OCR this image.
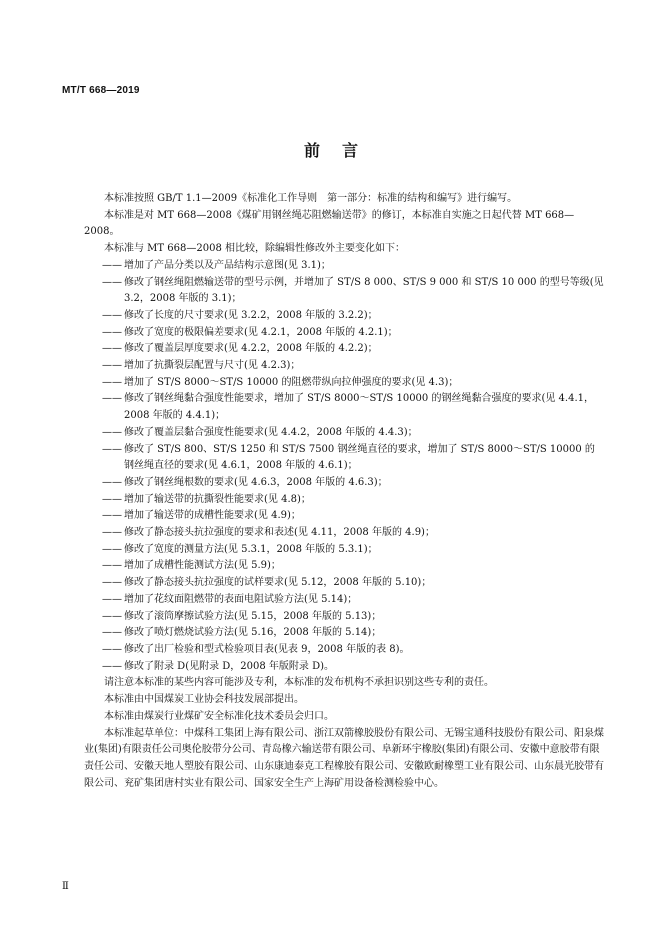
MT/T 668—2019
前言
本标准按照 GB/T 1.1—2009《标准化工作导则　第一部分：标准的结构和编写》进行编写。
本标准是对 MT 668—2008《煤矿用钢丝绳芯阻燃输送带》的修订，本标准自实施之日起代替 MT 668—2008。
本标准与 MT 668—2008 相比较，除编辑性修改外主要变化如下：
—— 增加了产品分类以及产品结构示意图(见 3.1)；
—— 修改了钢丝绳阻燃输送带的型号示例，并增加了 ST/S 8 000、ST/S 9 000 和 ST/S 10 000 的型号等级(见 3.2，2008 年版的 3.1)；
—— 修改了长度的尺寸要求(见 3.2.2，2008 年版的 3.2.2)；
—— 修改了宽度的极限偏差要求(见 4.2.1，2008 年版的 4.2.1)；
—— 修改了覆盖层厚度要求(见 4.2.2，2008 年版的 4.2.2)；
—— 增加了抗撕裂层配置与尺寸(见 4.2.3)；
—— 增加了 ST/S 8000～ST/S 10000 的阻燃带纵向拉伸强度的要求(见 4.3)；
—— 修改了钢丝绳黏合强度性能要求，增加了 ST/S 8000～ST/S 10000 的钢丝绳黏合强度的要求(见 4.4.1，2008 年版的 4.4.1)；
—— 修改了覆盖层黏合强度性能要求(见 4.4.2，2008 年版的 4.4.3)；
—— 修改了 ST/S 800、ST/S 1250 和 ST/S 7500 钢丝绳直径的要求，增加了 ST/S 8000～ST/S 10000 的钢丝绳直径的要求(见 4.6.1，2008 年版的 4.6.1)；
—— 修改了钢丝绳根数的要求(见 4.6.3，2008 年版的 4.6.3)；
—— 增加了输送带的抗撕裂性能要求(见 4.8)；
—— 增加了输送带的成槽性能要求(见 4.9)；
—— 修改了静态接头抗拉强度的要求和表述(见 4.11，2008 年版的 4.9)；
—— 修改了宽度的测量方法(见 5.3.1，2008 年版的 5.3.1)；
—— 增加了成槽性能测试方法(见 5.9)；
—— 修改了静态接头抗拉强度的试样要求(见 5.12，2008 年版的 5.10)；
—— 增加了花纹面阻燃带的表面电阻试验方法(见 5.14)；
—— 修改了滚筒摩擦试验方法(见 5.15，2008 年版的 5.13)；
—— 修改了喷灯燃烧试验方法(见 5.16，2008 年版的 5.14)；
—— 修改了出厂检验和型式检验项目表(见表 9，2008 年版的表 8)。
—— 修改了附录 D(见附录 D，2008 年版附录 D)。
请注意本标准的某些内容可能涉及专利，本标准的发布机构不承担识别这些专利的责任。
本标准由中国煤炭工业协会科技发展部提出。
本标准由煤炭行业煤矿安全标准化技术委员会归口。
本标准起草单位：中煤科工集团上海有限公司、浙江双箭橡胶股份有限公司、无锡宝通科技股份有限公司、阳泉煤业(集团)有限责任公司奥伦胶带分公司、青岛橡六输送带有限公司、阜新环宇橡胶(集团)有限公司、安徽中意胶带有限责任公司、安徽天地人塑胶有限公司、山东康迪泰克工程橡胶有限公司、安徽欧耐橡塑工业有限公司、山东晨光胶带有限公司、兖矿集团唐村实业有限公司、国家安全生产上海矿用设备检测检验中心。
Ⅱ
